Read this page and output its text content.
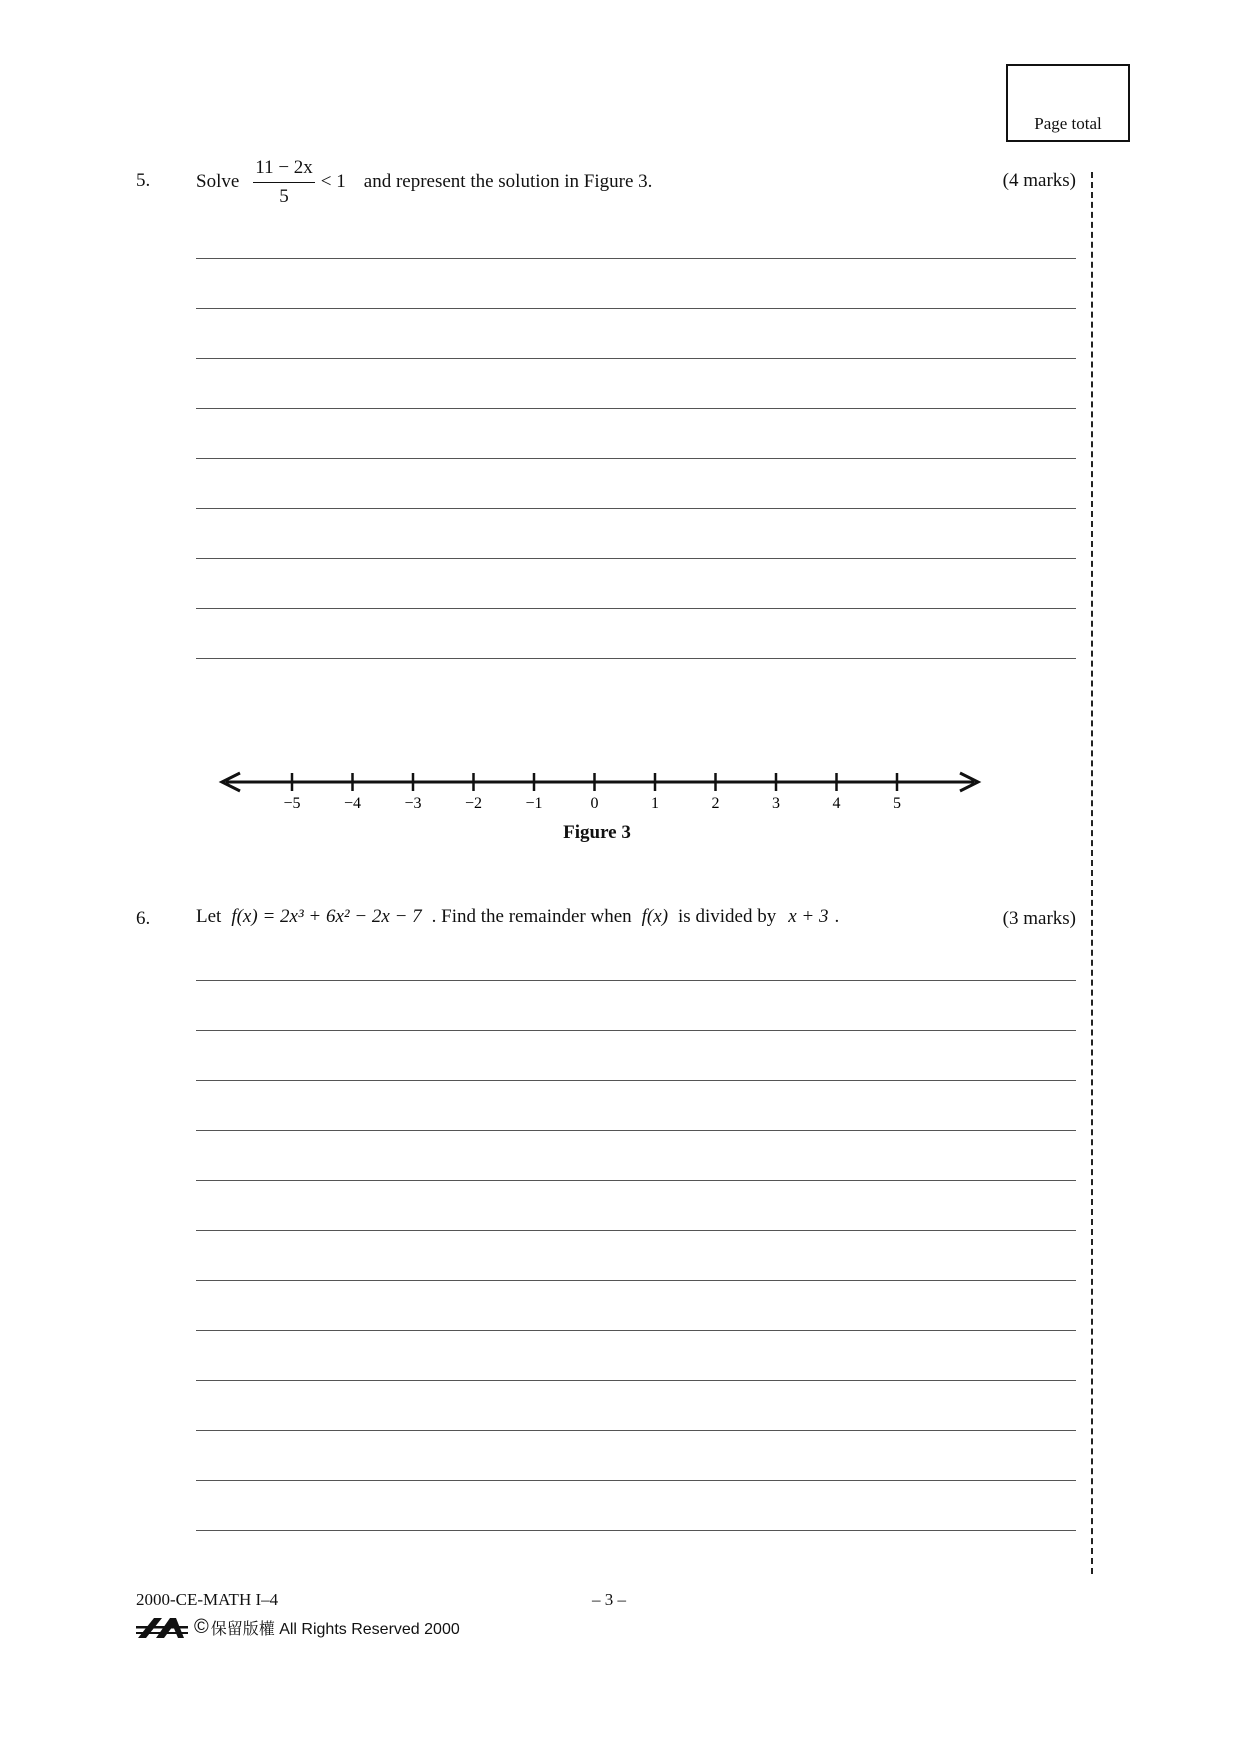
Page total
5. Solve $\frac{11 - 2x}{5} < 1$ and represent the solution in Figure 3.	(4 marks)
−5	−4	−3	−2	−1	0	1	2	3	4	5
Figure 3
6. Let f(x) = 2x³ + 6x² − 2x − 7 . Find the remainder when f(x) is divided by x + 3 .	(3 marks)
2000-CE-MATH I–4	– 3 –
© 保留版權 All Rights Reserved 2000
